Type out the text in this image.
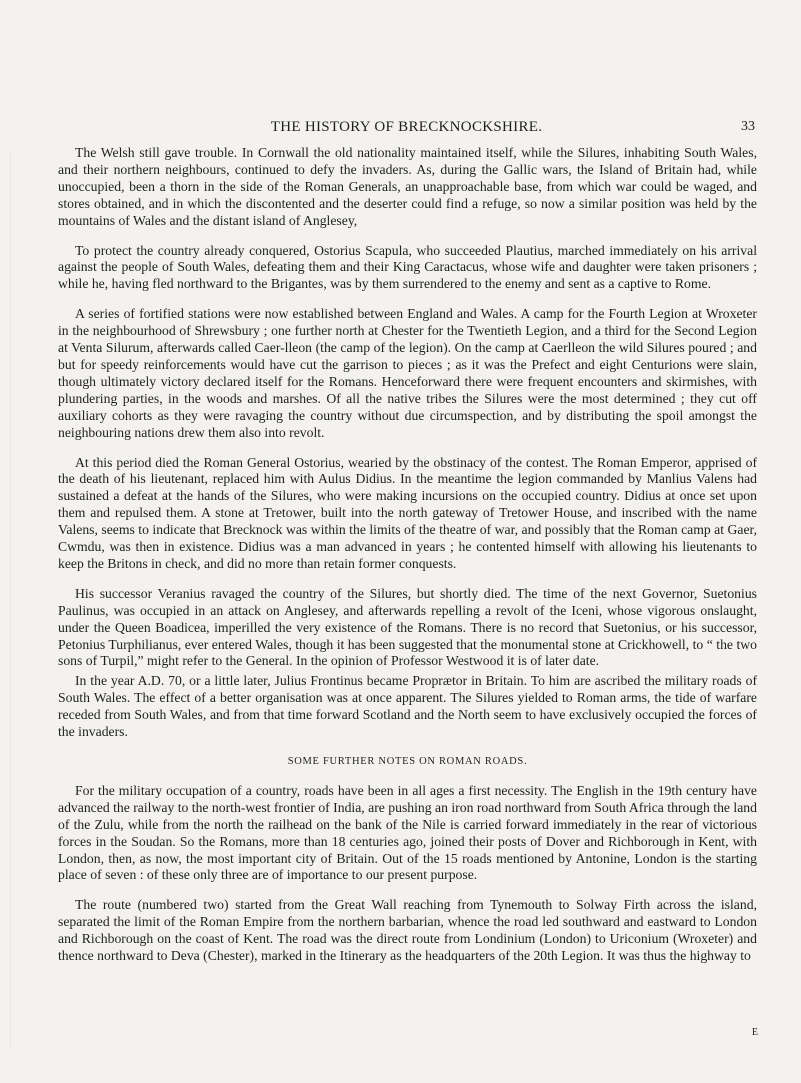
THE HISTORY OF BRECKNOCKSHIRE.	33

The Welsh still gave trouble. In Cornwall the old nationality maintained itself, while the Silures, inhabiting South Wales, and their northern neighbours, continued to defy the invaders. As, during the Gallic wars, the Island of Britain had, while unoccupied, been a thorn in the side of the Roman Generals, an unapproachable base, from which war could be waged, and stores obtained, and in which the discontented and the deserter could find a refuge, so now a similar position was held by the mountains of Wales and the distant island of Anglesey,

To protect the country already conquered, Ostorius Scapula, who succeeded Plautius, marched immediately on his arrival against the people of South Wales, defeating them and their King Caractacus, whose wife and daughter were taken prisoners ; while he, having fled northward to the Brigantes, was by them surrendered to the enemy and sent as a captive to Rome.

A series of fortified stations were now established between England and Wales. A camp for the Fourth Legion at Wroxeter in the neighbourhood of Shrewsbury ; one further north at Chester for the Twentieth Legion, and a third for the Second Legion at Venta Silurum, afterwards called Caer-lleon (the camp of the legion). On the camp at Caerlleon the wild Silures poured ; and but for speedy reinforcements would have cut the garrison to pieces ; as it was the Prefect and eight Centurions were slain, though ultimately victory declared itself for the Romans. Henceforward there were frequent encounters and skirmishes, with plundering parties, in the woods and marshes. Of all the native tribes the Silures were the most determined ; they cut off auxiliary cohorts as they were ravaging the country without due circumspection, and by distributing the spoil amongst the neighbouring nations drew them also into revolt.

At this period died the Roman General Ostorius, wearied by the obstinacy of the contest. The Roman Emperor, apprised of the death of his lieutenant, replaced him with Aulus Didius. In the meantime the legion commanded by Manlius Valens had sustained a defeat at the hands of the Silures, who were making incursions on the occupied country. Didius at once set upon them and repulsed them. A stone at Tretower, built into the north gateway of Tretower House, and inscribed with the name Valens, seems to indicate that Brecknock was within the limits of the theatre of war, and possibly that the Roman camp at Gaer, Cwmdu, was then in existence. Didius was a man advanced in years ; he contented himself with allowing his lieutenants to keep the Britons in check, and did no more than retain former conquests.

His successor Veranius ravaged the country of the Silures, but shortly died. The time of the next Governor, Suetonius Paulinus, was occupied in an attack on Anglesey, and afterwards repelling a revolt of the Iceni, whose vigorous onslaught, under the Queen Boadicea, imperilled the very existence of the Romans. There is no record that Suetonius, or his successor, Petonius Turphilianus, ever entered Wales, though it has been suggested that the monumental stone at Crickhowell, to “ the two sons of Turpil,” might refer to the General. In the opinion of Professor Westwood it is of later date.

In the year A.D. 70, or a little later, Julius Frontinus became Proprætor in Britain. To him are ascribed the military roads of South Wales. The effect of a better organisation was at once apparent. The Silures yielded to Roman arms, the tide of warfare receded from South Wales, and from that time forward Scotland and the North seem to have exclusively occupied the forces of the invaders.

SOME FURTHER NOTES ON ROMAN ROADS.

For the military occupation of a country, roads have been in all ages a first necessity. The English in the 19th century have advanced the railway to the north-west frontier of India, are pushing an iron road northward from South Africa through the land of the Zulu, while from the north the railhead on the bank of the Nile is carried forward immediately in the rear of victorious forces in the Soudan. So the Romans, more than 18 centuries ago, joined their posts of Dover and Richborough in Kent, with London, then, as now, the most important city of Britain. Out of the 15 roads mentioned by Antonine, London is the starting place of seven : of these only three are of importance to our present purpose.

The route (numbered two) started from the Great Wall reaching from Tynemouth to Solway Firth across the island, separated the limit of the Roman Empire from the northern barbarian, whence the road led southward and eastward to London and Richborough on the coast of Kent. The road was the direct route from Londinium (London) to Uriconium (Wroxeter) and thence northward to Deva (Chester), marked in the Itinerary as the headquarters of the 20th Legion. It was thus the highway to

E
